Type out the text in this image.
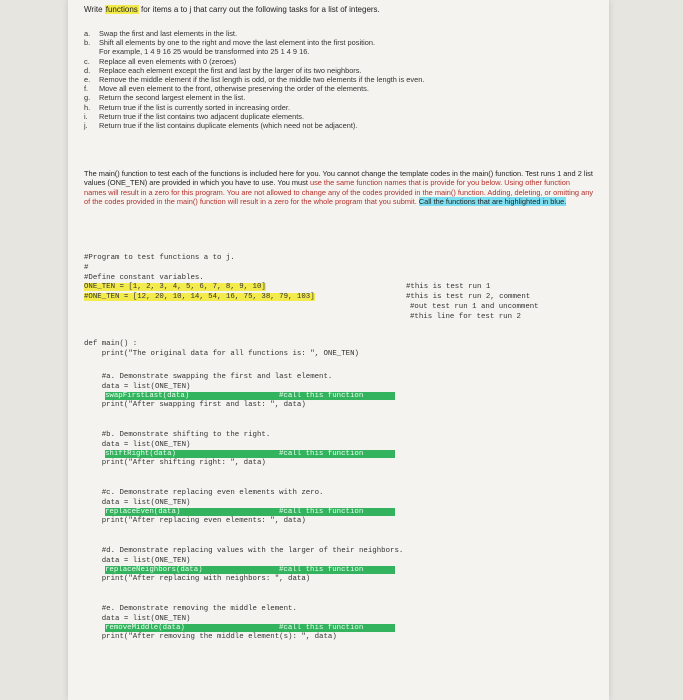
Write functions for items a to j that carry out the following tasks for a list of integers.
a.	Swap the first and last elements in the list.
b.	Shift all elements by one to the right and move the last element into the first position.
For example, 1 4 9 16 25 would be transformed into 25 1 4 9 16.
c.	Replace all even elements with 0 (zeroes)
d.	Replace each element except the first and last by the larger of its two neighbors.
e.	Remove the middle element if the list length is odd, or the middle two elements if the length is even.
f.	Move all even element to the front, otherwise preserving the order of the elements.
g.	Return the second largest element in the list.
h.	Return true if the list is currently sorted in increasing order.
i.	Return true if the list contains two adjacent duplicate elements.
j.	Return true if the list contains duplicate elements (which need not be adjacent).
The main() function to test each of the functions is included here for you. You cannot change the template codes in the main() function. Test runs 1 and 2 list values (ONE_TEN) are provided in which you have to use. You must use the same function names that is provide for you below. Using other function names will result in a zero for this program. You are not allowed to change any of the codes provided in the main() function. Adding, deleting, or omitting any of the codes provided in the main() function will result in a zero for the whole program that you submit. Call the functions that are highlighted in blue.
#Program to test functions a to j.
#
#Define constant variables.
ONE_TEN = [1, 2, 3, 4, 5, 6, 7, 8, 9, 10]	#this is test run 1
#ONE_TEN = [12, 20, 10, 14, 54, 16, 75, 38, 79, 103]	#this is test run 2, comment
#out test run 1 and uncomment
#this line for test run 2
def main() :
print("The original data for all functions is: ", ONE_TEN)
#a. Demonstrate swapping the first and last element.
data = list(ONE_TEN)
swapFirstLast(data)	#call this function
print("After swapping first and last: ", data)
#b. Demonstrate shifting to the right.
data = list(ONE_TEN)
shiftRight(data)	#call this function
print("After shifting right: ", data)
#c. Demonstrate replacing even elements with zero.
data = list(ONE_TEN)
replaceEven(data)	#call this function
print("After replacing even elements: ", data)
#d. Demonstrate replacing values with the larger of their neighbors.
data = list(ONE_TEN)
replaceNeighbors(data)	#call this function
print("After replacing with neighbors: ", data)
#e. Demonstrate removing the middle element.
data = list(ONE_TEN)
removeMiddle(data)	#call this function
print("After removing the middle element(s): ", data)
